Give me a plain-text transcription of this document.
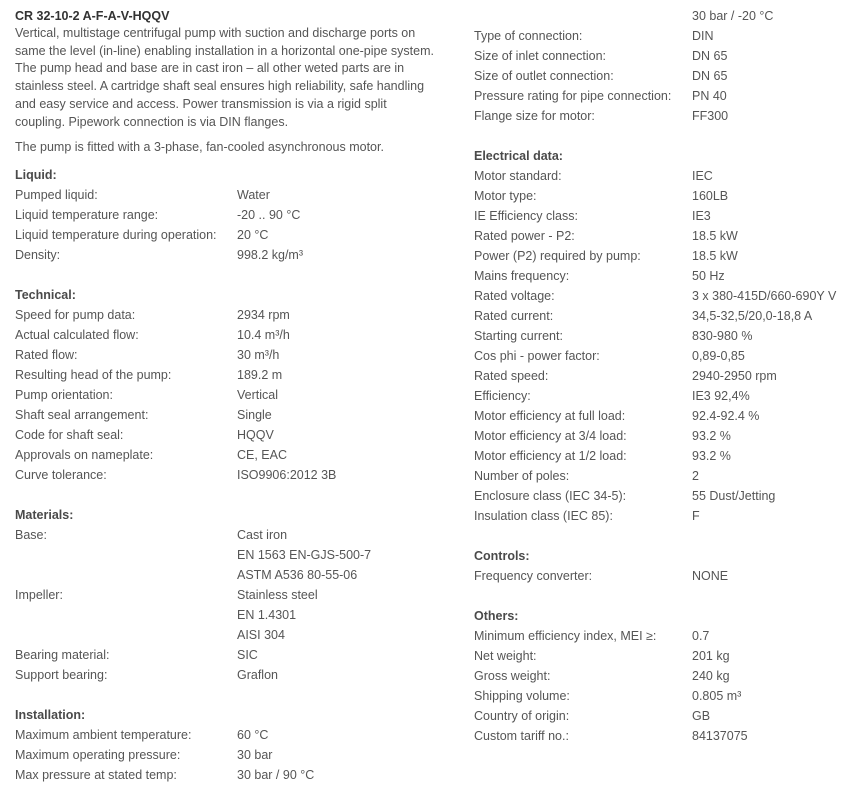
CR 32-10-2 A-F-A-V-HQQV

Vertical, multistage centrifugal pump with suction and discharge ports on
same the level (in-line) enabling installation in a horizontal one-pipe system.
The pump head and base are in cast iron – all other weted parts are in
stainless steel. A cartridge shaft seal ensures high reliability, safe handling
and easy service and access. Power transmission is via a rigid split
coupling. Pipework connection is via DIN flanges.

The pump is fitted with a 3-phase, fan-cooled asynchronous motor.

Liquid:
Pumped liquid:	Water
Liquid temperature range:	-20 .. 90 °C
Liquid temperature during operation: 20 °C
Density:	998.2 kg/m³
Technical:
Speed for pump data:	2934 rpm
Actual calculated flow:	10.4 m³/h
Rated flow:	30 m³/h
Resulting head of the pump:	189.2 m
Pump orientation:	Vertical
Shaft seal arrangement:	Single
Code for shaft seal:	HQQV
Approvals on nameplate:	CE, EAC
Curve tolerance:	ISO9906:2012 3B
Materials:
Base:	Cast iron
EN 1563 EN-GJS-500-7
ASTM A536 80-55-06
Impeller:	Stainless steel
EN 1.4301
AISI 304
Bearing material:	SIC
Support bearing:	Graflon
Installation:
Maximum ambient temperature:	60 °C
Maximum operating pressure:	30 bar
Max pressure at stated temp:	30 bar / 90 °C
30 bar / -20 °C
Type of connection:	DIN
Size of inlet connection:	DN 65
Size of outlet connection:	DN 65
Pressure rating for pipe connection: PN 40
Flange size for motor:	FF300
Electrical data:
Motor standard:	IEC
Motor type:	160LB
IE Efficiency class:	IE3
Rated power - P2:	18.5 kW
Power (P2) required by pump:	18.5 kW
Mains frequency:	50 Hz
Rated voltage:	3 x 380-415D/660-690Y V
Rated current:	34,5-32,5/20,0-18,8 A
Starting current:	830-980 %
Cos phi - power factor:	0,89-0,85
Rated speed:	2940-2950 rpm
Efficiency:	IE3 92,4%
Motor efficiency at full load:	92.4-92.4 %
Motor efficiency at 3/4 load:	93.2 %
Motor efficiency at 1/2 load:	93.2 %
Number of poles:	2
Enclosure class (IEC 34-5):	55 Dust/Jetting
Insulation class (IEC 85):	F
Controls:
Frequency converter:	NONE
Others:
Minimum efficiency index, MEI ≥:	0.7
Net weight:	201 kg
Gross weight:	240 kg
Shipping volume:	0.805 m³
Country of origin:	GB
Custom tariff no.:	84137075
